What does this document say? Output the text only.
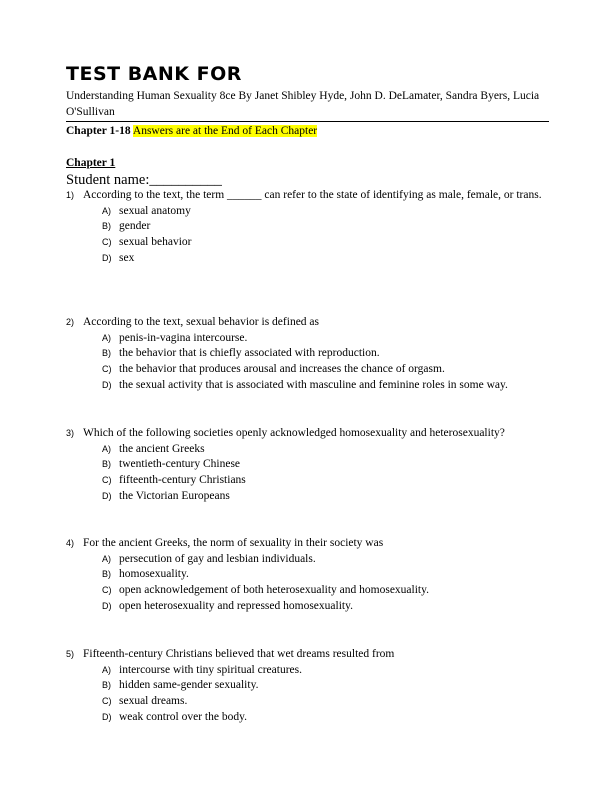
TEST BANK FOR
Understanding Human Sexuality 8ce By Janet Shibley Hyde, John D. DeLamater, Sandra Byers, Lucia O'Sullivan
Chapter 1-18 Answers are at the End of Each Chapter
Chapter 1
Student name:__________
1) According to the text, the term ______ can refer to the state of identifying as male, female, or trans.
A) sexual anatomy
B) gender
C) sexual behavior
D) sex
2) According to the text, sexual behavior is defined as
A) penis-in-vagina intercourse.
B) the behavior that is chiefly associated with reproduction.
C) the behavior that produces arousal and increases the chance of orgasm.
D) the sexual activity that is associated with masculine and feminine roles in some way.
3) Which of the following societies openly acknowledged homosexuality and heterosexuality?
A) the ancient Greeks
B) twentieth-century Chinese
C) fifteenth-century Christians
D) the Victorian Europeans
4) For the ancient Greeks, the norm of sexuality in their society was
A) persecution of gay and lesbian individuals.
B) homosexuality.
C) open acknowledgement of both heterosexuality and homosexuality.
D) open heterosexuality and repressed homosexuality.
5) Fifteenth-century Christians believed that wet dreams resulted from
A) intercourse with tiny spiritual creatures.
B) hidden same-gender sexuality.
C) sexual dreams.
D) weak control over the body.
